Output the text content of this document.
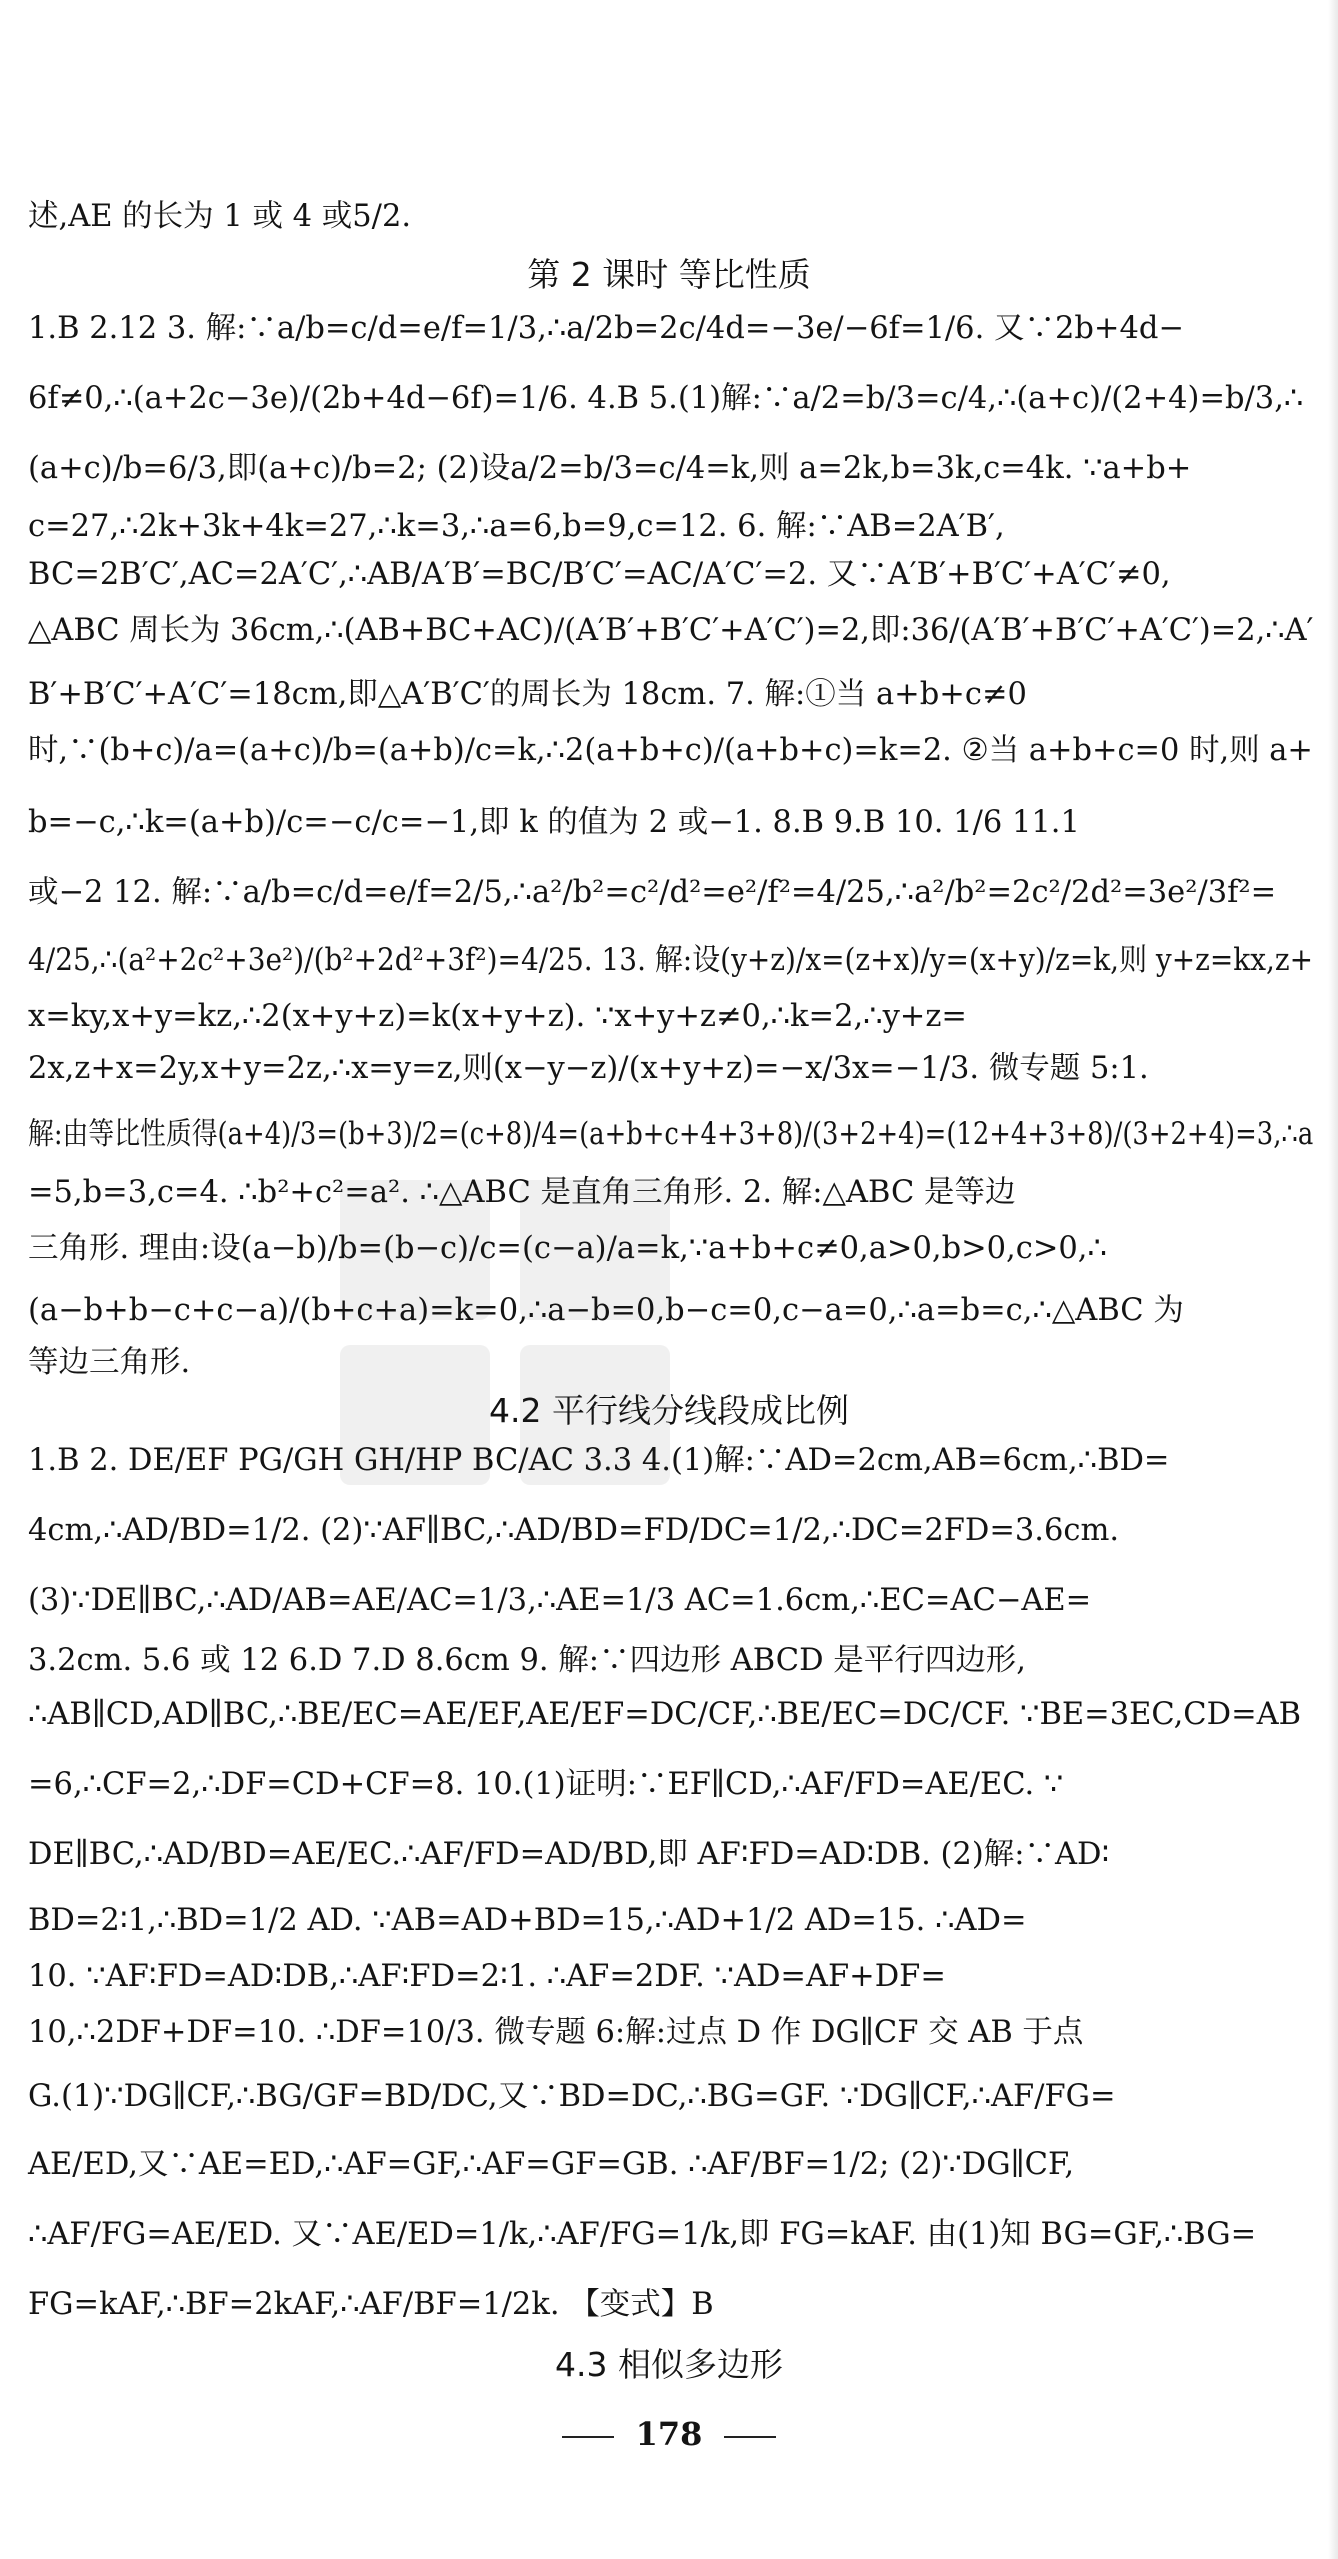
述,AE 的长为 1 或 4 或5/2.
第 2 课时 等比性质
1.B 2.12 3. 解:∵a/b=c/d=e/f=1/3,∴a/2b=2c/4d=−3e/−6f=1/6. 又∵2b+4d−
6f≠0,∴(a+2c−3e)/(2b+4d−6f)=1/6. 4.B 5.(1)解:∵a/2=b/3=c/4,∴(a+c)/(2+4)=b/3,∴
(a+c)/b=6/3,即(a+c)/b=2; (2)设a/2=b/3=c/4=k,则 a=2k,b=3k,c=4k. ∵a+b+
c=27,∴2k+3k+4k=27,∴k=3,∴a=6,b=9,c=12. 6. 解:∵AB=2A′B′,
BC=2B′C′,AC=2A′C′,∴AB/A′B′=BC/B′C′=AC/A′C′=2. 又∵A′B′+B′C′+A′C′≠0,
△ABC 周长为 36cm,∴(AB+BC+AC)/(A′B′+B′C′+A′C′)=2,即:36/(A′B′+B′C′+A′C′)=2,∴A′
B′+B′C′+A′C′=18cm,即△A′B′C′的周长为 18cm. 7. 解:①当 a+b+c≠0
时,∵(b+c)/a=(a+c)/b=(a+b)/c=k,∴2(a+b+c)/(a+b+c)=k=2. ②当 a+b+c=0 时,则 a+
b=−c,∴k=(a+b)/c=−c/c=−1,即 k 的值为 2 或−1. 8.B 9.B 10. 1/6 11.1
或−2 12. 解:∵a/b=c/d=e/f=2/5,∴a²/b²=c²/d²=e²/f²=4/25,∴a²/b²=2c²/2d²=3e²/3f²=
4/25,∴(a²+2c²+3e²)/(b²+2d²+3f²)=4/25. 13. 解:设(y+z)/x=(z+x)/y=(x+y)/z=k,则 y+z=kx,z+
x=ky,x+y=kz,∴2(x+y+z)=k(x+y+z). ∵x+y+z≠0,∴k=2,∴y+z=
2x,z+x=2y,x+y=2z,∴x=y=z,则(x−y−z)/(x+y+z)=−x/3x=−1/3. 微专题 5:1.
解:由等比性质得(a+4)/3=(b+3)/2=(c+8)/4=(a+b+c+4+3+8)/(3+2+4)=(12+4+3+8)/(3+2+4)=3,∴a
=5,b=3,c=4. ∴b²+c²=a². ∴△ABC 是直角三角形. 2. 解:△ABC 是等边
三角形. 理由:设(a−b)/b=(b−c)/c=(c−a)/a=k,∵a+b+c≠0,a>0,b>0,c>0,∴
(a−b+b−c+c−a)/(b+c+a)=k=0,∴a−b=0,b−c=0,c−a=0,∴a=b=c,∴△ABC 为
等边三角形.
4.2 平行线分线段成比例
1.B 2. DE/EF PG/GH GH/HP BC/AC 3.3 4.(1)解:∵AD=2cm,AB=6cm,∴BD=
4cm,∴AD/BD=1/2. (2)∵AF∥BC,∴AD/BD=FD/DC=1/2,∴DC=2FD=3.6cm.
(3)∵DE∥BC,∴AD/AB=AE/AC=1/3,∴AE=1/3 AC=1.6cm,∴EC=AC−AE=
3.2cm. 5.6 或 12 6.D 7.D 8.6cm 9. 解:∵四边形 ABCD 是平行四边形,
∴AB∥CD,AD∥BC,∴BE/EC=AE/EF,AE/EF=DC/CF,∴BE/EC=DC/CF. ∵BE=3EC,CD=AB
=6,∴CF=2,∴DF=CD+CF=8. 10.(1)证明:∵EF∥CD,∴AF/FD=AE/EC. ∵
DE∥BC,∴AD/BD=AE/EC.∴AF/FD=AD/BD,即 AF∶FD=AD∶DB. (2)解:∵AD∶
BD=2∶1,∴BD=1/2 AD. ∵AB=AD+BD=15,∴AD+1/2 AD=15. ∴AD=
10. ∵AF∶FD=AD∶DB,∴AF∶FD=2∶1. ∴AF=2DF. ∵AD=AF+DF=
10,∴2DF+DF=10. ∴DF=10/3. 微专题 6:解:过点 D 作 DG∥CF 交 AB 于点
G.(1)∵DG∥CF,∴BG/GF=BD/DC,又∵BD=DC,∴BG=GF. ∵DG∥CF,∴AF/FG=
AE/ED,又∵AE=ED,∴AF=GF,∴AF=GF=GB. ∴AF/BF=1/2; (2)∵DG∥CF,
∴AF/FG=AE/ED. 又∵AE/ED=1/k,∴AF/FG=1/k,即 FG=kAF. 由(1)知 BG=GF,∴BG=
FG=kAF,∴BF=2kAF,∴AF/BF=1/2k. 【变式】B
4.3 相似多边形
178
